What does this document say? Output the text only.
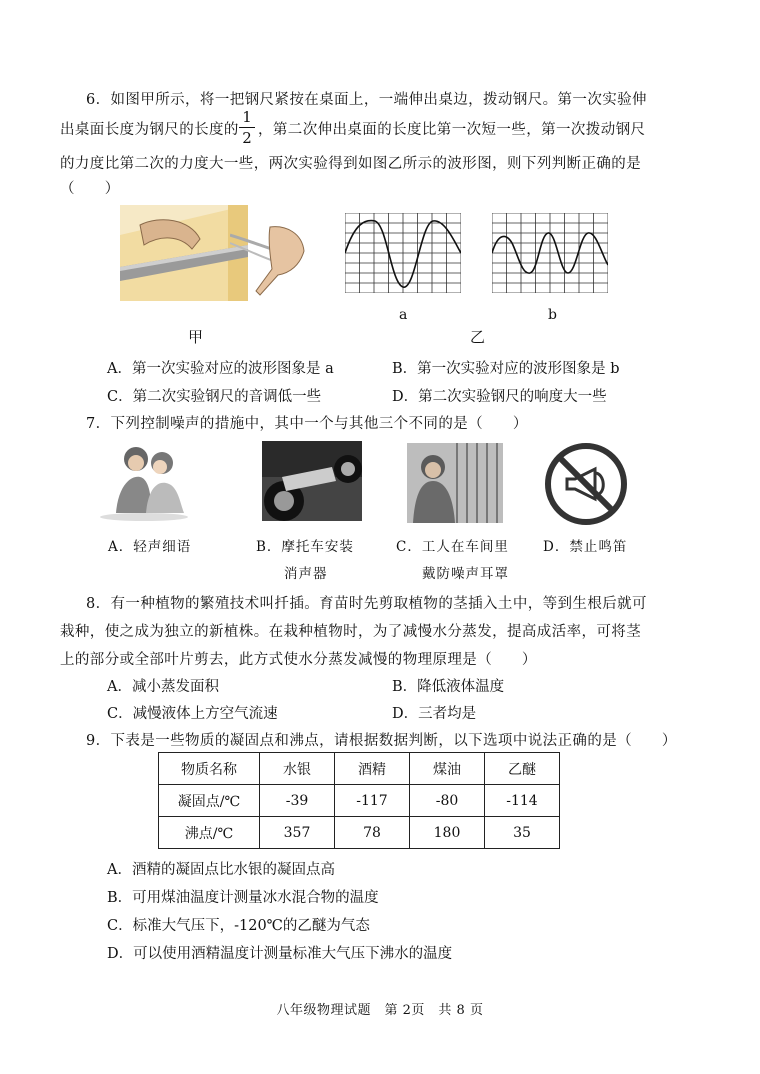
6．如图甲所示，将一把钢尺紧按在桌面上，一端伸出桌边，拨动钢尺。第一次实验伸
出桌面长度为钢尺的长度的
1
2 ，第二次伸出桌面的长度比第一次短一些，第一次拨动钢尺
的力度比第二次的力度大一些，两次实验得到如图乙所示的波形图，则下列判断正确的是
（　　）
甲
a
乙
b
A．第一次实验对应的波形图象是 a	B．第一次实验对应的波形图象是 b
C．第二次实验钢尺的音调低一些	D．第二次实验钢尺的响度大一些
7．下列控制噪声的措施中，其中一个与其他三个不同的是（　　）
A．轻声细语	B．摩托车安装
消声器
C．工人在车间里
戴防噪声耳罩
D．禁止鸣笛
8．有一种植物的繁殖技术叫扦插。育苗时先剪取植物的茎插入土中，等到生根后就可
栽种，使之成为独立的新植株。在栽种植物时，为了减慢水分蒸发，提高成活率，可将茎
上的部分或全部叶片剪去，此方式使水分蒸发减慢的物理原理是（　　）
A．减小蒸发面积	B．降低液体温度
C．减慢液体上方空气流速	D．三者均是
9．下表是一些物质的凝固点和沸点，请根据数据判断，以下选项中说法正确的是（　　）
物质名称	水银	酒精	煤油	乙醚
凝固点/℃	-39	-117	-80	-114
沸点/℃	357	78	180	35
A．酒精的凝固点比水银的凝固点高
B．可用煤油温度计测量冰水混合物的温度
C．标准大气压下，-120℃的乙醚为气态
D．可以使用酒精温度计测量标准大气压下沸水的温度
八年级物理试题　第 2页　共 8 页
